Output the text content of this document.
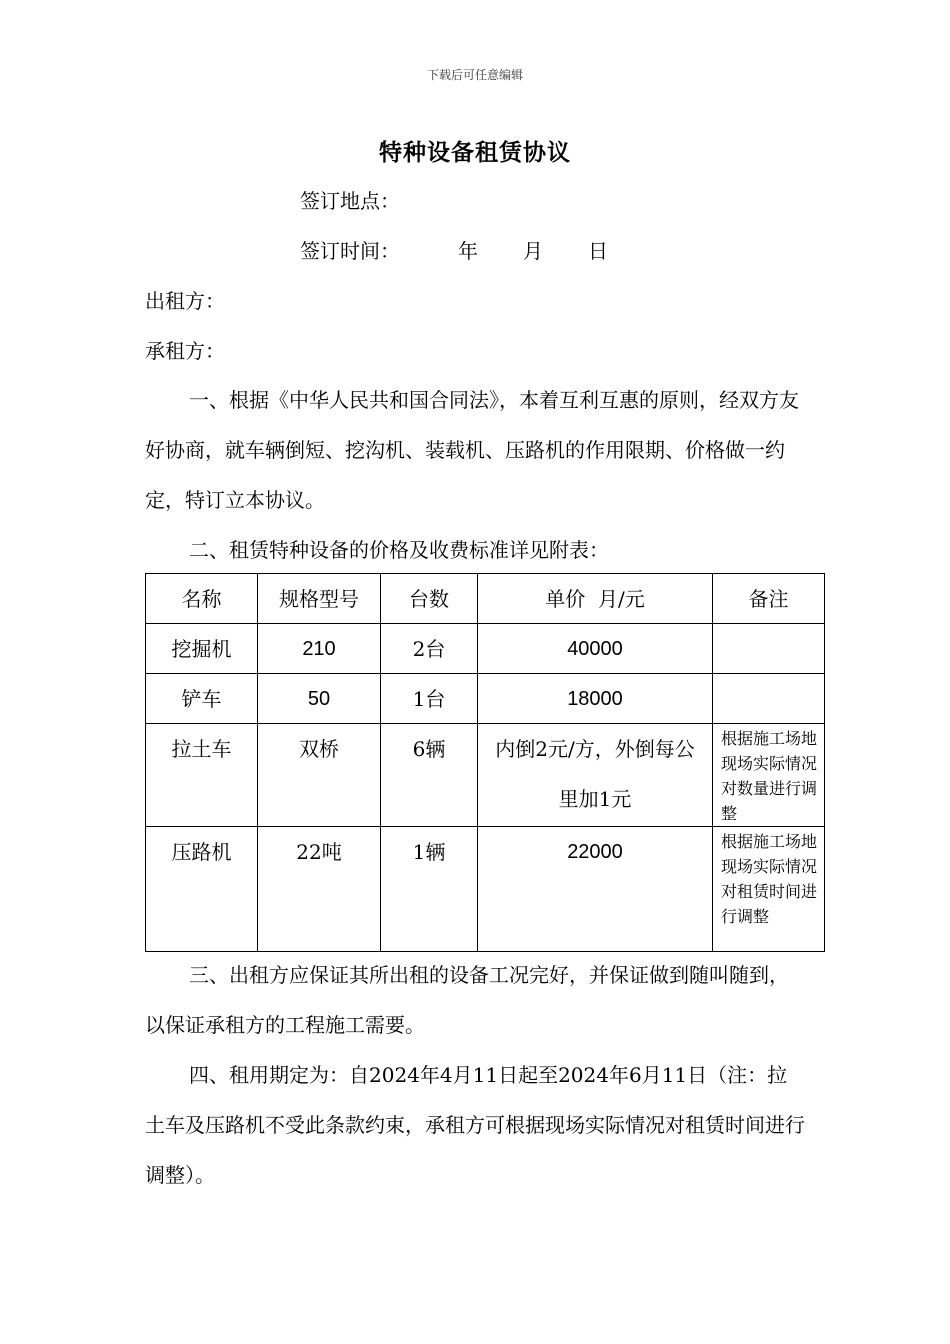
下载后可任意编辑
特种设备租赁协议
签订地点：
签订时间：	年 月 日
出租方：
承租方：
一、根据《中华人民共和国合同法》，本着互利互惠的原则，经双方友好协商，就车辆倒短、挖沟机、装载机、压路机的作用限期、价格做一约定，特订立本协议。
二、租赁特种设备的价格及收费标准详见附表：
名称	规格型号	台数	单价  月/元	备注

挖掘机	210	2台	40000	

铲车	50	1台	18000	

拉土车	双桥	6辆	内倒2元/方，外倒每公里加1元	根据施工场地现场实际情况对数量进行调整

压路机	22吨	1辆	22000	根据施工场地现场实际情况对租赁时间进行调整
三、出租方应保证其所出租的设备工况完好，并保证做到随叫随到，以保证承租方的工程施工需要。
四、租用期定为：自2024年4月11日起至2024年6月11日（注：拉土车及压路机不受此条款约束，承租方可根据现场实际情况对租赁时间进行调整）。
